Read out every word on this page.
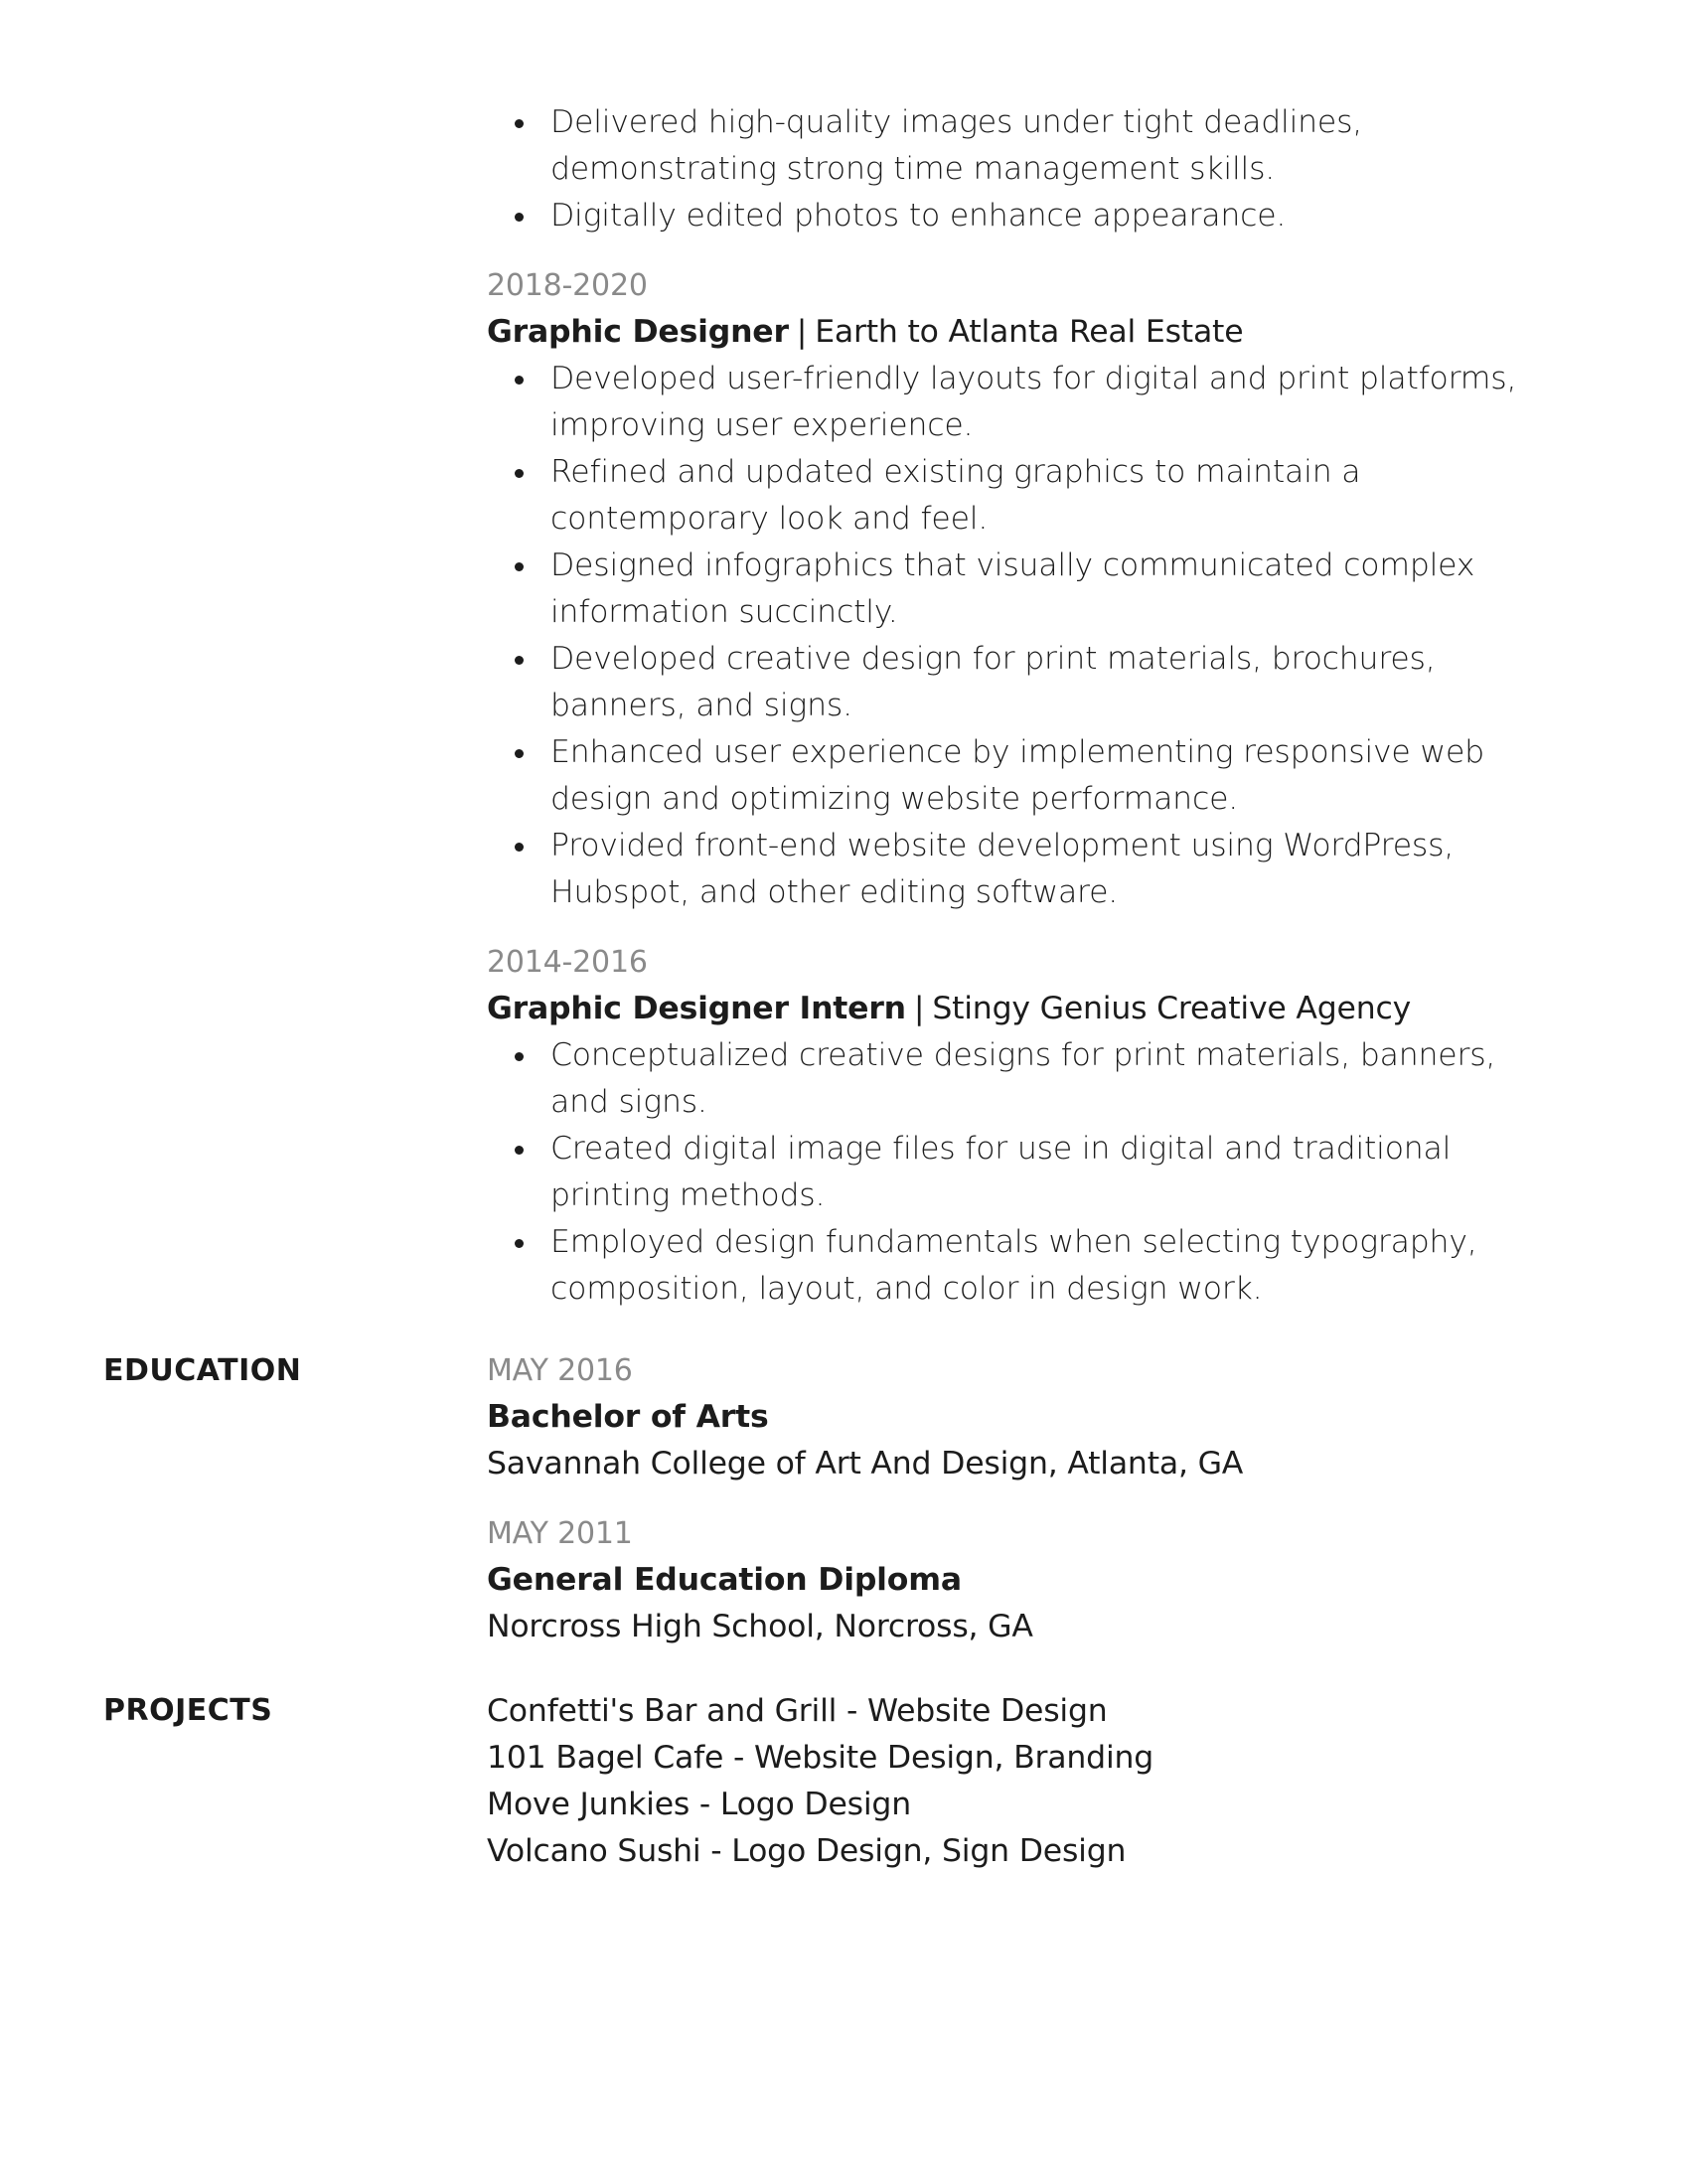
Delivered high-quality images under tight deadlines, demonstrating strong time management skills.
Digitally edited photos to enhance appearance.
2018-2020
Graphic Designer | Earth to Atlanta Real Estate
Developed user-friendly layouts for digital and print platforms, improving user experience.
Refined and updated existing graphics to maintain a contemporary look and feel.
Designed infographics that visually communicated complex information succinctly.
Developed creative design for print materials, brochures, banners, and signs.
Enhanced user experience by implementing responsive web design and optimizing website performance.
Provided front-end website development using WordPress, Hubspot, and other editing software.
2014-2016
Graphic Designer Intern | Stingy Genius Creative Agency
Conceptualized creative designs for print materials, banners, and signs.
Created digital image files for use in digital and traditional printing methods.
Employed design fundamentals when selecting typography, composition, layout, and color in design work.
EDUCATION	MAY 2016
Bachelor of Arts
Savannah College of Art And Design, Atlanta, GA
MAY 2011
General Education Diploma
Norcross High School, Norcross, GA
PROJECTS	Confetti's Bar and Grill - Website Design
101 Bagel Cafe - Website Design, Branding
Move Junkies - Logo Design
Volcano Sushi - Logo Design, Sign Design
